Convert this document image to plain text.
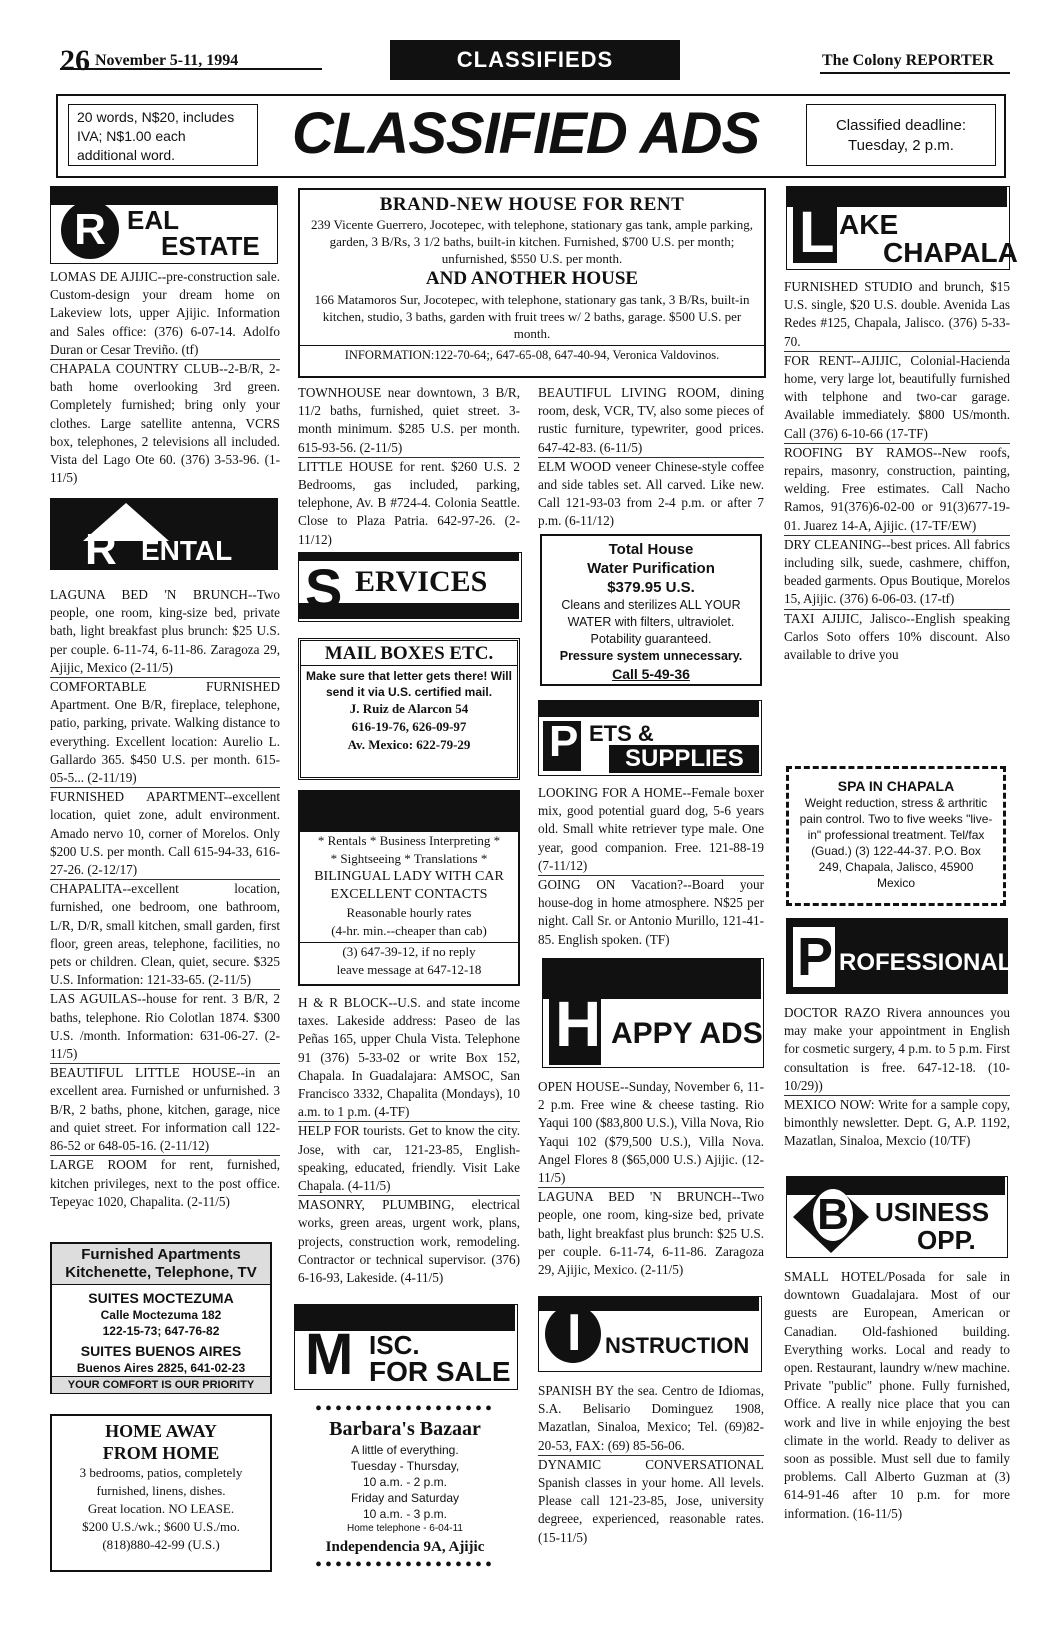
26 November 5-11, 1994	CLASSIFIEDS	The Colony REPORTER
20 words, N$20, includes IVA; N$1.00 each additional word.	CLASSIFIED ADS	Classified deadline:
Tuesday, 2 p.m.
R EAL
ESTATE

LOMAS DE AJIJIC--pre-construction sale. Custom-design your dream home on Lakeview lots, upper Ajijic. Information and Sales office: (376) 6-07-14. Adolfo Duran or Cesar Treviño. (tf)

CHAPALA COUNTRY CLUB--2-B/R, 2-bath home overlooking 3rd green. Completely furnished; bring only your clothes. Large satellite antenna, VCRS box, telephones, 2 televisions all included. Vista del Lago Ote 60. (376) 3-53-96. (1-11/5)

R ENTAL

LAGUNA BED 'N BRUNCH--Two people, one room, king-size bed, private bath, light breakfast plus brunch: $25 U.S. per couple. 6-11-74, 6-11-86. Zaragoza 29, Ajijic, Mexico (2-11/5)

COMFORTABLE FURNISHED Apartment. One B/R, fireplace, telephone, patio, parking, private. Walking distance to everything. Excellent location: Aurelio L. Gallardo 365. $450 U.S. per month. 615-05-5... (2-11/19)

FURNISHED APARTMENT--excellent location, quiet zone, adult environment. Amado nervo 10, corner of Morelos. Only $200 U.S. per month. Call 615-94-33, 616-27-26. (2-12/17)

CHAPALITA--excellent location, furnished, one bedroom, one bathroom, L/R, D/R, small kitchen, small garden, first floor, green areas, telephone, facilities, no pets or children. Clean, quiet, secure. $325 U.S. Information: 121-33-65. (2-11/5)

LAS AGUILAS--house for rent. 3 B/R, 2 baths, telephone. Rio Colotlan 1874. $300 U.S. /month. Information: 631-06-27. (2-11/5)

BEAUTIFUL LITTLE HOUSE--in an excellent area. Furnished or unfurnished. 3 B/R, 2 baths, phone, kitchen, garage, nice and quiet street. For information call 122-86-52 or 648-05-16. (2-11/12)

LARGE ROOM for rent, furnished, kitchen privileges, next to the post office. Tepeyac 1020, Chapalita. (2-11/5)

Furnished Apartments
Kitchenette, Telephone, TV
SUITES MOCTEZUMA
Calle Moctezuma 182
122-15-73; 647-76-82
SUITES BUENOS AIRES
Buenos Aires 2825, 641-02-23
YOUR COMFORT IS OUR PRIORITY
HOME AWAY
FROM HOME
3 bedrooms, patios, completely
furnished, linens, dishes.
Great location. NO LEASE.
$200 U.S./wk.; $600 U.S./mo.
(818)880-42-99 (U.S.)
BRAND-NEW HOUSE FOR RENT
239 Vicente Guerrero, Jocotepec, with telephone, stationary gas tank, ample parking, garden, 3 B/Rs, 3 1/2 baths, built-in kitchen. Furnished, $700 U.S. per month; unfurnished, $550 U.S. per month.
AND ANOTHER HOUSE
166 Matamoros Sur, Jocotepec, with telephone, stationary gas tank, 3 B/Rs, built-in kitchen, studio, 3 baths, garden with fruit trees w/ 2 baths, garage. $500 U.S. per month.
INFORMATION:122-70-64;, 647-65-08, 647-40-94, Veronica Valdovinos.

TOWNHOUSE near downtown, 3 B/R, 11/2 baths, furnished, quiet street. 3-month minimum. $285 U.S. per month. 615-93-56. (2-11/5)

LITTLE HOUSE for rent. $260 U.S. 2 Bedrooms, gas included, parking, telephone, Av. B #724-4. Colonia Seattle. Close to Plaza Patria. 642-97-26. (2-11/12)

S ERVICES
MAIL BOXES ETC.
Make sure that letter gets there! Will send it via U.S. certified mail.
J. Ruiz de Alarcon 54
616-19-76, 626-09-97
Av. Mexico: 622-79-29
* Rentals * Business Interpreting *
* Sightseeing * Translations *
BILINGUAL LADY WITH CAR
EXCELLENT CONTACTS
Reasonable hourly rates
(4-hr. min.--cheaper than cab)
(3) 647-39-12, if no reply
leave message at 647-12-18

H & R BLOCK--U.S. and state income taxes. Lakeside address: Paseo de las Peñas 165, upper Chula Vista. Telephone 91 (376) 5-33-02 or write Box 152, Chapala. In Guadalajara: AMSOC, San Francisco 3332, Chapalita (Mondays), 10 a.m. to 1 p.m. (4-TF)

HELP FOR tourists. Get to know the city. Jose, with car, 121-23-85, English-speaking, educated, friendly. Visit Lake Chapala. (4-11/5)

MASONRY, PLUMBING, electrical works, green areas, urgent work, plans, projects, construction work, remodeling. Contractor or technical supervisor. (376) 6-16-93, Lakeside. (4-11/5)

M ISC.
FOR SALE
••••••••••••••••••
Barbara's Bazaar
A little of everything.
Tuesday - Thursday,
10 a.m. - 2 p.m.
Friday and Saturday
10 a.m. - 3 p.m.
Home telephone - 6-04-11
Independencia 9A, Ajijic
••••••••••••••••••

BEAUTIFUL LIVING ROOM, dining room, desk, VCR, TV, also some pieces of rustic furniture, typewriter, good prices. 647-42-83. (6-11/5)

ELM WOOD veneer Chinese-style coffee and side tables set. All carved. Like new. Call 121-93-03 from 2-4 p.m. or after 7 p.m. (6-11/12)

Total House
Water Purification
$379.95 U.S.
Cleans and sterilizes ALL YOUR WATER with filters, ultraviolet.
Potability guaranteed.
Pressure system unnecessary.
Call 5-49-36
P ETS &
SUPPLIES

LOOKING FOR A HOME--Female boxer mix, good potential guard dog, 5-6 years old. Small white retriever type male. One year, good companion. Free. 121-88-19 (7-11/12)

GOING ON Vacation?--Board your house-dog in home atmosphere. N$25 per night. Call Sr. or Antonio Murillo, 121-41-85. English spoken. (TF)

H APPY ADS

OPEN HOUSE--Sunday, November 6, 11-2 p.m. Free wine & cheese tasting. Rio Yaqui 100 ($83,800 U.S.), Villa Nova, Rio Yaqui 102 ($79,500 U.S.), Villa Nova. Angel Flores 8 ($65,000 U.S.) Ajijic. (12-11/5)

LAGUNA BED 'N BRUNCH--Two people, one room, king-size bed, private bath, light breakfast plus brunch: $25 U.S. per couple. 6-11-74, 6-11-86. Zaragoza 29, Ajijic, Mexico. (2-11/5)

I NSTRUCTION

SPANISH BY the sea. Centro de Idiomas, S.A. Belisario Dominguez 1908, Mazatlan, Sinaloa, Mexico; Tel. (69)82-20-53, FAX: (69) 85-56-06.

DYNAMIC CONVERSATIONAL Spanish classes in your home. All levels. Please call 121-23-85, Jose, university degreee, experienced, reasonable rates. (15-11/5)

L AKE
CHAPALA

FURNISHED STUDIO and brunch, $15 U.S. single, $20 U.S. double. Avenida Las Redes #125, Chapala, Jalisco. (376) 5-33-70.

FOR RENT--AJIJIC, Colonial-Hacienda home, very large lot, beautifully furnished with telphone and two-car garage. Available immediately. $800 US/month. Call (376) 6-10-66 (17-TF)

ROOFING BY RAMOS--New roofs, repairs, masonry, construction, painting, welding. Free estimates. Call Nacho Ramos, 91(376)6-02-00 or 91(3)677-19-01. Juarez 14-A, Ajijic. (17-TF/EW)

DRY CLEANING--best prices. All fabrics including silk, suede, cashmere, chiffon, beaded garments. Opus Boutique, Morelos 15, Ajijic. (376) 6-06-03. (17-tf)

TAXI AJIJIC, Jalisco--English speaking Carlos Soto offers 10% discount. Also available to drive you

SPA IN CHAPALA
Weight reduction, stress & arthritic pain control. Two to five weeks "live-in" professional treatment. Tel/fax (Guad.) (3) 122-44-37. P.O. Box 249, Chapala, Jalisco, 45900 Mexico
P ROFESSIONALS

DOCTOR RAZO Rivera announces you may make your appointment in English for cosmetic surgery, 4 p.m. to 5 p.m. First consultation is free. 647-12-18. (10-10/29))

MEXICO NOW: Write for a sample copy, bimonthly newsletter. Dept. G, A.P. 1192, Mazatlan, Sinaloa, Mexcio (10/TF)

B USINESS
OPP.

SMALL HOTEL/Posada for sale in downtown Guadalajara. Most of our guests are European, American or Canadian. Old-fashioned building. Everything works. Local and ready to open. Restaurant, laundry w/new machine. Private "public" phone. Fully furnished, Office. A really nice place that you can work and live in while enjoying the best climate in the world. Ready to deliver as soon as possible. Must sell due to family problems. Call Alberto Guzman at (3) 614-91-46 after 10 p.m. for more information. (16-11/5)
